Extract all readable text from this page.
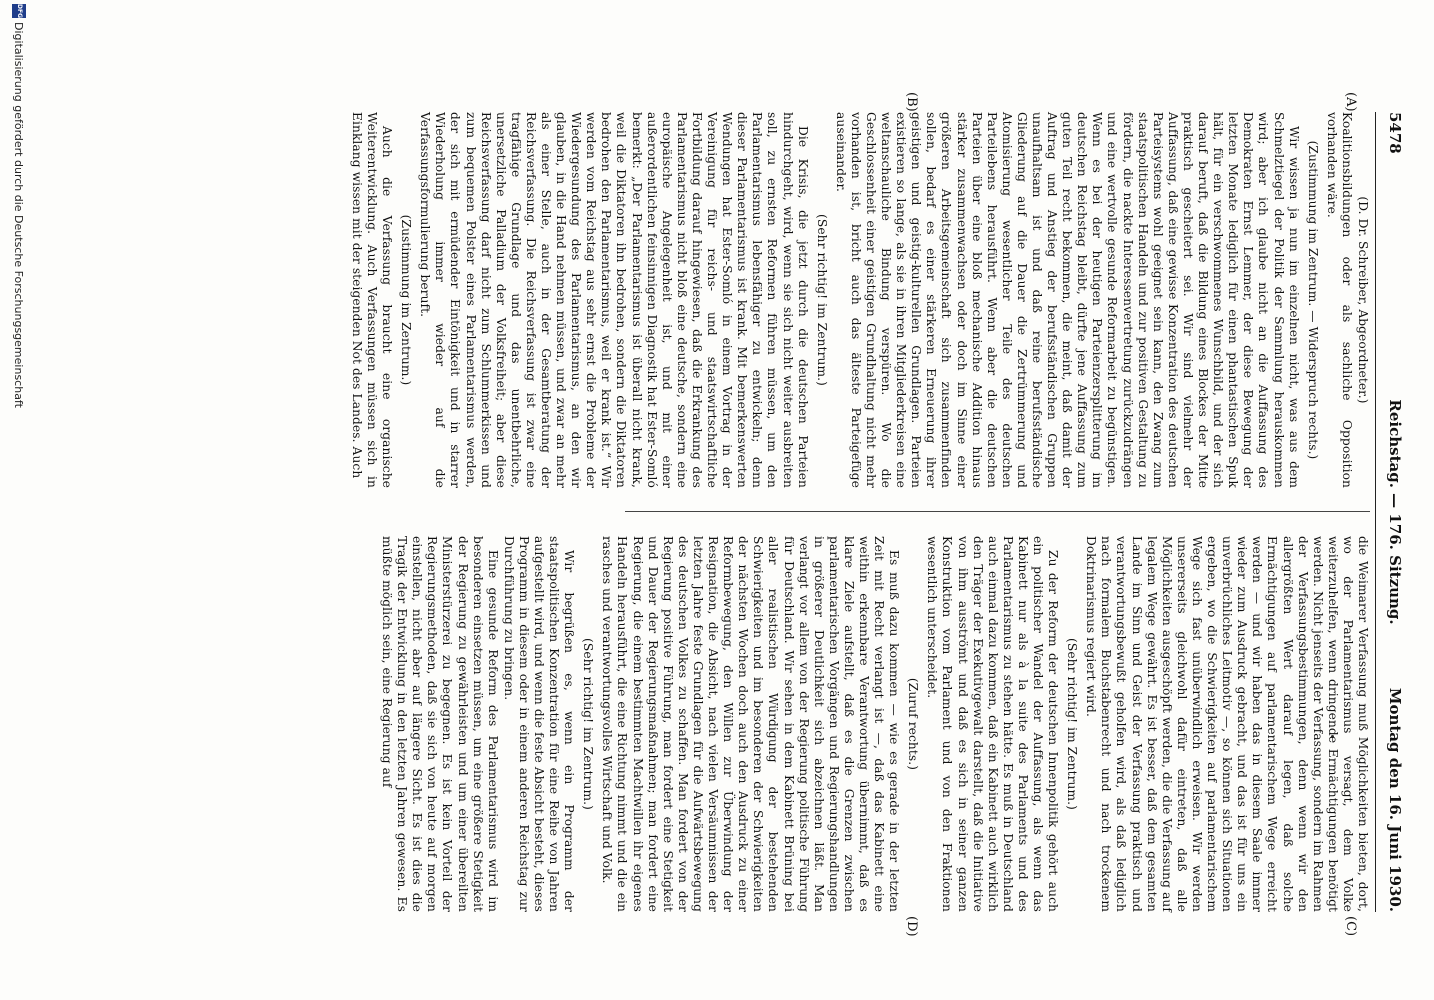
5478
Reichstag. — 176. Sitzung.
Montag den 16. Juni 1930.
(A)
(B)
(C)
(D)

(D. Dr. Schreiber, Abgeordneter.)

Koalitionsbildungen oder als sachliche Opposition vorhanden wäre.

(Zustimmung im Zentrum. — Widerspruch rechts.)

Wir wissen ja nun im einzelnen nicht, was aus dem Schmelztiegel der Politik der Sammlung herauskommen wird; aber ich glaube nicht an die Auffassung des Demokraten Ernst Lemmer, der diese Bewegung der letzten Monate lediglich für einen phantastischen Spuk hält, für ein verschwommenes Wunschbild, und der sich darauf beruft, daß die Bildung eines Blockes der Mitte praktisch gescheitert sei. Wir sind vielmehr der Auffassung, daß eine gewisse Konzentration des deutschen Parteisystems wohl geeignet sein kann, den Zwang zum staatspolitischen Handeln und zur positiven Gestaltung zu fördern, die nackte Interessenvertretung zurückzudrängen und eine wertvolle gesunde Reformarbeit zu begünstigen. Wenn es bei der heutigen Parteienzersplitterung im deutschen Reichstag bleibt, dürfte jene Auffassung zum guten Teil recht bekommen, die meint, daß damit der Auftrag und Anstieg der berufsständischen Gruppen unaufhaltsam ist und daß reine berufsständische Gliederung auf die Dauer die Zertrümmerung und Atomisierung wesentlicher Teile des deutschen Parteilebens herausführt. Wenn aber die deutschen Parteien über eine bloß mechanische Addition hinaus stärker zusammenwachsen oder doch im Sinne einer größeren Arbeitsgemeinschaft sich zusammenfinden sollen, bedarf es einer stärkeren Erneuerung ihrer geistigen und geistig-kulturellen Grundlagen. Parteien existieren so lange, als sie in ihren Mitgliederkreisen eine weltanschauliche Bindung verspüren. Wo die Geschlossenheit einer geistigen Grundhaltung nicht mehr vorhanden ist, bricht auch das älteste Parteigefüge auseinander.

(Sehr richtig! im Zentrum.)

Die Krisis, die jetzt durch die deutschen Parteien hindurchgeht, wird, wenn sie sich nicht weiter ausbreiten soll, zu ernsten Reformen führen müssen, um den Parlamentarismus lebensfähiger zu entwickeln; denn dieser Parlamentarismus ist krank. Mit bemerkenswerten Wendungen hat Ester-Somló in einem Vortrag in der Vereinigung für reichs- und staatswirtschaftliche Fortbildung darauf hingewiesen, daß die Erkrankung des Parlamentarismus nicht bloß eine deutsche, sondern eine europäische Angelegenheit ist, und mit einer außerordentlichen feinsinnigen Diagnostik hat Ester-Somló bemerkt: „Der Parlamentarismus ist überall nicht krank, weil die Diktatoren ihn bedrohen, sondern die Diktatoren bedrohen den Parlamentarismus, weil er krank ist.“ Wir werden vom Reichstag aus sehr ernst die Probleme der Wiedergesundung des Parlamentarismus, an den wir glauben, in die Hand nehmen müssen, und zwar an mehr als einer Stelle, auch in der Gesamtberatung der Reichsverfassung. Die Reichsverfassung ist zwar eine tragfähige Grundlage und das unentbehrliche, unersetzliche Palladium der Volksfreiheit; aber diese Reichsverfassung darf nicht zum Schlummerkissen und zum bequemen Polster eines Parlamentarismus werden, der sich mit ermüdender Eintönigkeit und in starrer Wiederholung immer wieder auf die Verfassungsformulierung beruft.

(Zustimmung im Zentrum.)

Auch die Verfassung braucht eine organische Weiterentwicklung. Auch Verfassungen müssen sich in Einklang wissen mit der steigenden Not des Landes. Auch

die Weimarer Verfassung muß Möglichkeiten bieten, dort, wo der Parlamentarismus versagt, dem Volke weiterzuhelfen, wenn dringende Ermächtigungen benötigt werden. Nicht jenseits der Verfassung, sondern im Rahmen der Verfassungsbestimmungen, denn wenn wir den allergrößten Wert darauf legen, daß solche Ermächtigungen auf parlamentarischem Wege erreicht werden — und wir haben das in diesem Saale immer wieder zum Ausdruck gebracht, und das ist für uns ein unverbrüchliches Leitmotiv —, so können sich Situationen ergeben, wo die Schwierigkeiten auf parlamentarischem Wege sich fast unüberwindlich erweisen. Wir werden unsererseits gleichwohl dafür eintreten, daß alle Möglichkeiten ausgeschöpft werden, die die Verfassung auf legalem Wege gewährt. Es ist besser, daß dem gesamten Lande im Sinn und Geist der Verfassung praktisch und verantwortungsbewußt geholfen wird, als daß lediglich nach formalem Buchstabenrecht und nach trockenem Doktrinarismus regiert wird.

(Sehr richtig! im Zentrum.)

Zu der Reform der deutschen Innenpolitik gehört auch ein politischer Wandel der Auffassung, als wenn das Kabinett nur als à la suite des Parlaments und des Parlamentarismus zu stehen hätte. Es muß in Deutschland auch einmal dazu kommen, daß ein Kabinett auch wirklich den Träger der Exekutivgewalt darstellt, daß die Initiative von ihm ausströmt und daß es sich in seiner ganzen Konstruktion vom Parlament und von den Fraktionen wesentlich unterscheidet.

(Zuruf rechts.)

Es muß dazu kommen — wie es gerade in der letzten Zeit mit Recht verlangt ist —, daß das Kabinett eine weithin erkennbare Verantwortung übernimmt, daß es klare Ziele aufstellt, daß es die Grenzen zwischen parlamentarischen Vorgängen und Regierungshandlungen in größerer Deutlichkeit sich abzeichnen läßt. Man verlangt vor allem von der Regierung politische Führung für Deutschland. Wir sehen in dem Kabinett Brüning bei aller realistischen Würdigung der bestehenden Schwierigkeiten und im besonderen der Schwierigkeiten der nächsten Wochen doch auch den Ausdruck zu einer Reformbewegung, den Willen zur Überwindung der Resignation, die Absicht, nach vielen Versäumnissen der letzten Jahre feste Grundlagen für die Aufwärtsbewegung des deutschen Volkes zu schaffen. Man fordert von der Regierung positive Führung, man fordert eine Stetigkeit und Dauer der Regierungsmaßnahmen; man fordert eine Regierung, die einem bestimmten Machtwillen ihr eigenes Handeln herausführt, die eine Richtung nimmt und die ein rasches und verantwortungsvolles Wirtschaft und Volk.

(Sehr richtig! im Zentrum.)

Wir begrüßen es, wenn ein Programm der staatspolitischen Konzentration für eine Reihe von Jahren aufgestellt wird, und wenn die feste Absicht besteht, dieses Programm in diesem oder in einem anderen Reichstag zur Durchführung zu bringen.

Eine gesunde Reform des Parlamentarismus wird im besonderen einsetzen müssen, um eine größere Stetigkeit der Regierung zu gewährleisten und um einer übereilten Ministerstürzerei zu begegnen. Es ist kein Vorteil der Regierungsmethoden, daß sie sich von heute auf morgen einstellen, nicht aber auf längere Sicht. Es ist dies die Tragik der Entwicklung in den letzten Jahren gewesen. Es müßte möglich sein, eine Regierung auf

DFG
Digitalisierung gefördert durch die Deutsche Forschungsgemeinschaft
